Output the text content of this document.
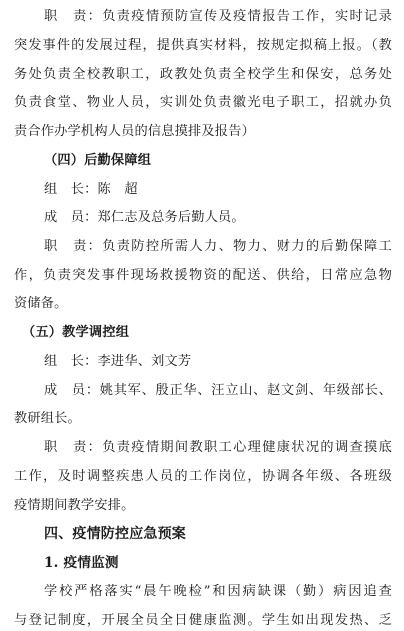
职　责：负责疫情预防宣传及疫情报告工作，实时记录
突发事件的发展过程，提供真实材料，按规定拟稿上报。（教
务处负责全校教职工，政教处负责全校学生和保安，总务处
负责食堂、物业人员，实训处负责徽光电子职工，招就办负
责合作办学机构人员的信息摸排及报告）
（四）后勤保障组
组　长：陈　超
成　员：郑仁志及总务后勤人员。
职　责：负责防控所需人力、物力、财力的后勤保障工
作，负责突发事件现场救援物资的配送、供给，日常应急物
资储备。
（五）教学调控组
组　长：李进华、刘文芳
成　员：姚其军、殷正华、汪立山、赵文剑、年级部长、
教研组长。
职　责：负责疫情期间教职工心理健康状况的调查摸底
工作，及时调整疾患人员的工作岗位，协调各年级、各班级
疫情期间教学安排。
四、疫情防控应急预案
1. 疫情监测
学校严格落实“晨午晚检”和因病缺课（勤）病因追查
与登记制度，开展全员全日健康监测。学生如出现发热、乏
